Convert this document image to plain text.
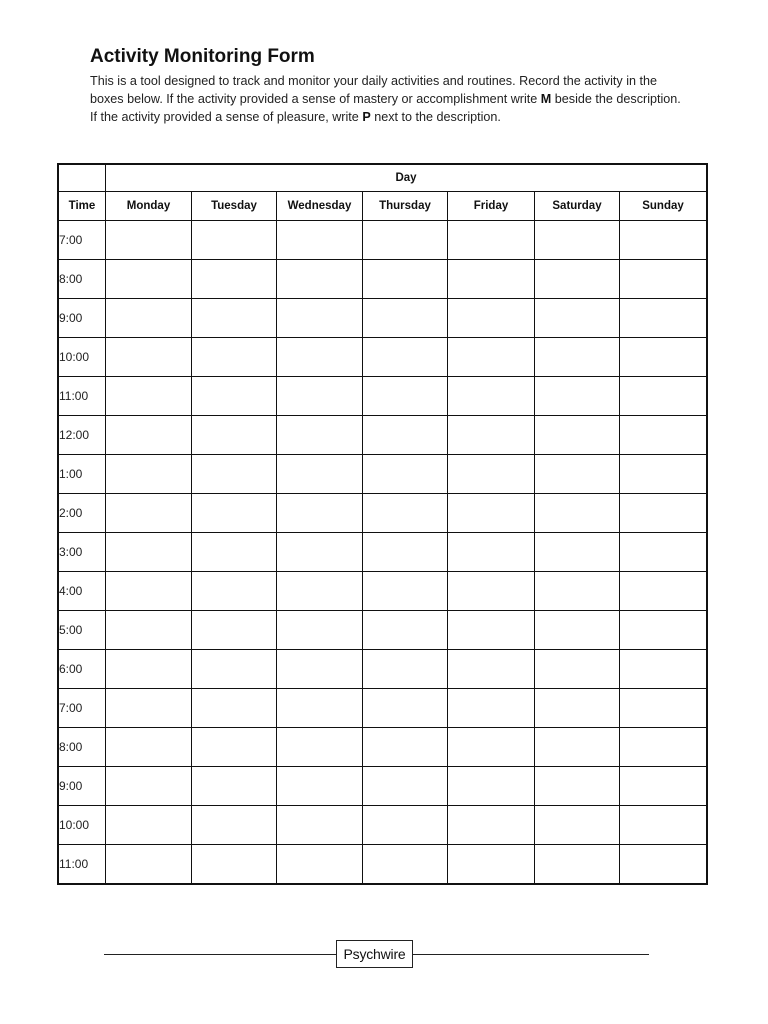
Activity Monitoring Form

This is a tool designed to track and monitor your daily activities and routines. Record the activity in the boxes below. If the activity provided a sense of mastery or accomplishment write M beside the description. If the activity provided a sense of pleasure, write P next to the description.

	Day						
Time	Monday	Tuesday	Wednesday	Thursday	Friday	Saturday	Sunday
7:00							
8:00							
9:00							
10:00							
11:00							
12:00							
1:00							
2:00							
3:00							
4:00							
5:00							
6:00							
7:00							
8:00							
9:00							
10:00							
11:00							
Psychwire
